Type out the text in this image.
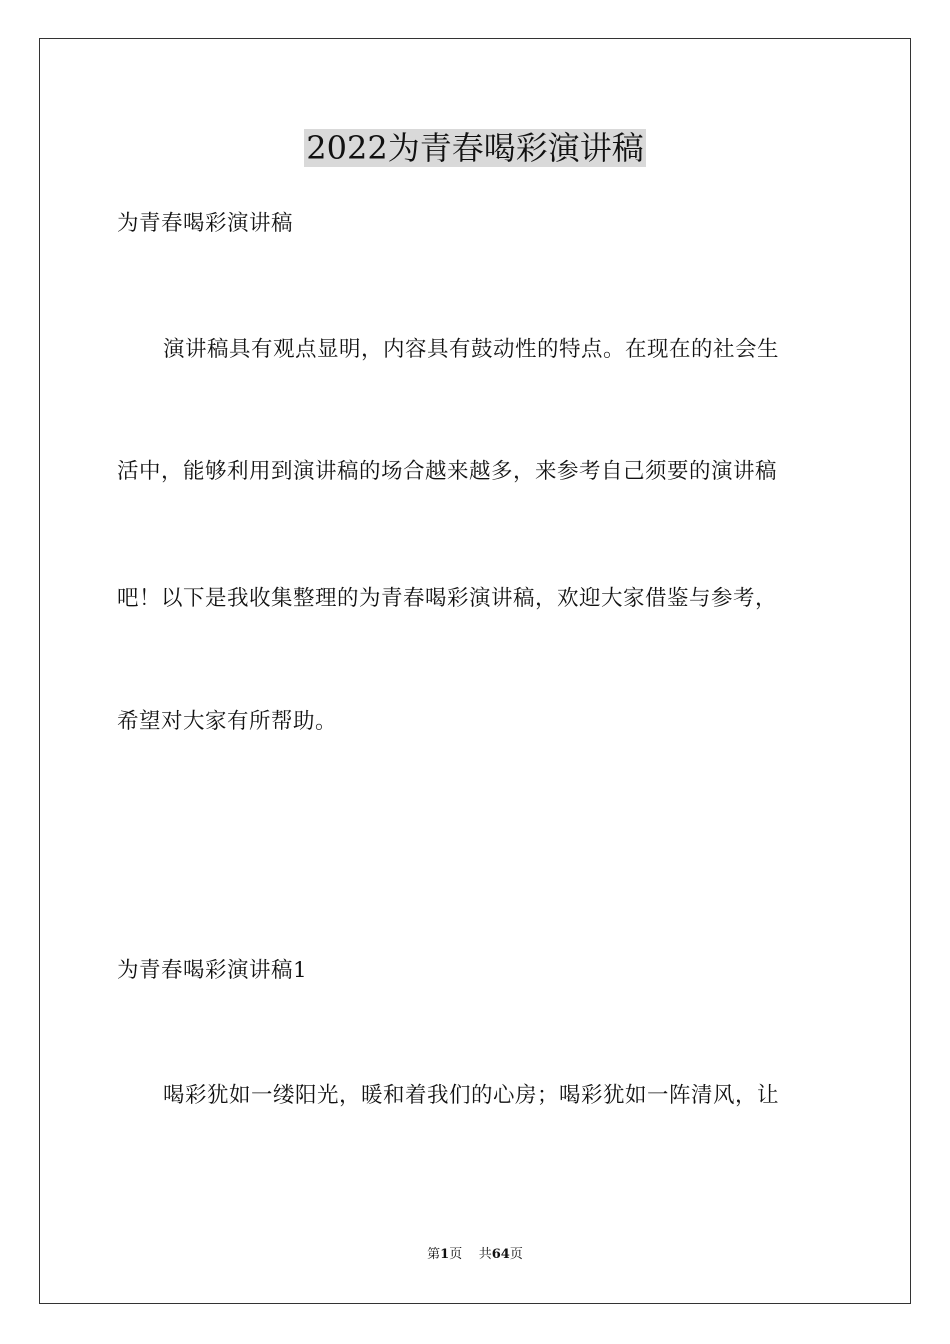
2022为青春喝彩演讲稿
为青春喝彩演讲稿
演讲稿具有观点显明，内容具有鼓动性的特点。在现在的社会生
活中，能够利用到演讲稿的场合越来越多，来参考自己须要的演讲稿
吧！以下是我收集整理的为青春喝彩演讲稿，欢迎大家借鉴与参考，
希望对大家有所帮助。
为青春喝彩演讲稿1
喝彩犹如一缕阳光，暖和着我们的心房；喝彩犹如一阵清风，让
第1页 共64页
